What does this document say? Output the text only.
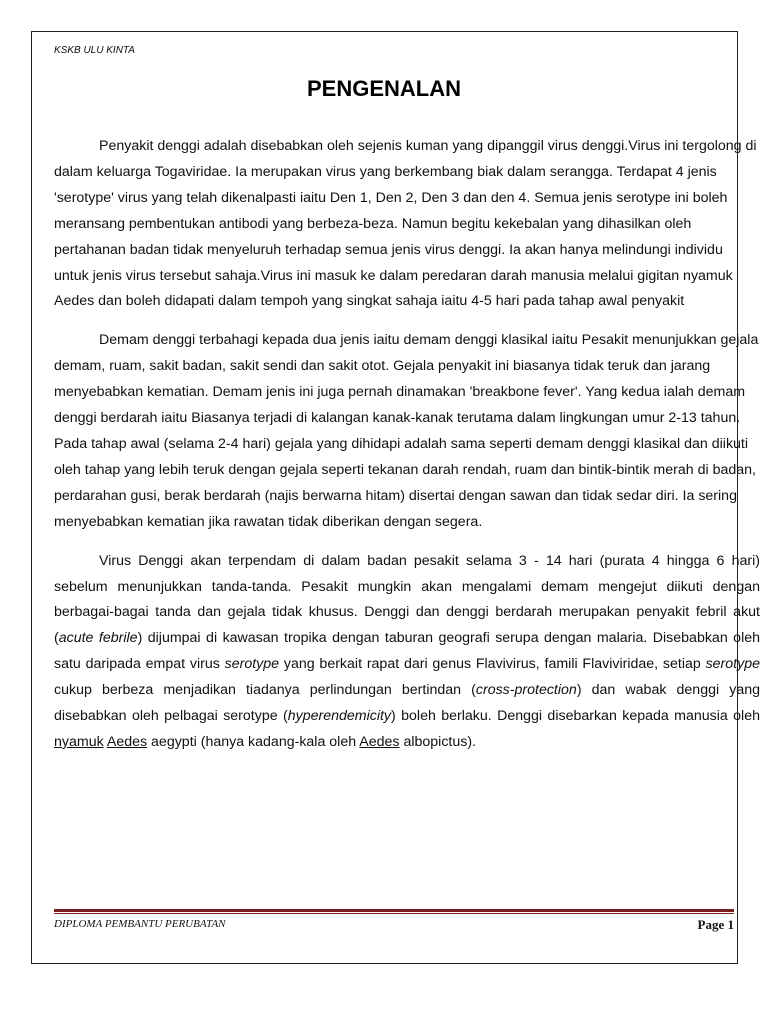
KSKB ULU KINTA
PENGENALAN

Penyakit denggi adalah disebabkan oleh sejenis kuman yang dipanggil virus denggi.Virus ini tergolong di dalam keluarga Togaviridae. Ia merupakan virus yang berkembang biak dalam serangga. Terdapat 4 jenis 'serotype' virus yang telah dikenalpasti iaitu Den 1, Den 2, Den 3 dan den 4. Semua jenis serotype ini boleh meransang pembentukan antibodi yang berbeza-beza. Namun begitu kekebalan yang dihasilkan oleh pertahanan badan tidak menyeluruh terhadap semua jenis virus denggi. Ia akan hanya melindungi individu untuk jenis virus tersebut sahaja.Virus ini masuk ke dalam peredaran darah manusia melalui gigitan nyamuk Aedes dan boleh didapati dalam tempoh yang singkat sahaja iaitu 4-5 hari pada tahap awal penyakit

Demam denggi terbahagi kepada dua jenis iaitu demam denggi klasikal iaitu Pesakit menunjukkan gejala demam, ruam, sakit badan, sakit sendi dan sakit otot. Gejala penyakit ini biasanya tidak teruk dan jarang menyebabkan kematian. Demam jenis ini juga pernah dinamakan 'breakbone fever'. Yang kedua ialah demam denggi berdarah iaitu Biasanya terjadi di kalangan kanak-kanak terutama dalam lingkungan umur 2-13 tahun. Pada tahap awal (selama 2-4 hari) gejala yang dihidapi adalah sama seperti demam denggi klasikal dan diikuti oleh tahap yang lebih teruk dengan gejala seperti tekanan darah rendah, ruam dan bintik-bintik merah di badan, perdarahan gusi, berak berdarah (najis berwarna hitam) disertai dengan sawan dan tidak sedar diri. Ia sering menyebabkan kematian jika rawatan tidak diberikan dengan segera.

Virus Denggi akan terpendam di dalam badan pesakit selama 3 - 14 hari (purata 4 hingga 6 hari) sebelum menunjukkan tanda-tanda. Pesakit mungkin akan mengalami demam mengejut diikuti dengan berbagai-bagai tanda dan gejala tidak khusus. Denggi dan denggi berdarah merupakan penyakit febril akut (acute febrile) dijumpai di kawasan tropika dengan taburan geografi serupa dengan malaria. Disebabkan oleh satu daripada empat virus serotype yang berkait rapat dari genus Flavivirus, famili Flaviviridae, setiap serotype cukup berbeza menjadikan tiadanya perlindungan bertindan (cross-protection) dan wabak denggi yang disebabkan oleh pelbagai serotype (hyperendemicity) boleh berlaku. Denggi disebarkan kepada manusia oleh nyamuk Aedes aegypti (hanya kadang-kala oleh Aedes albopictus).

DIPLOMA PEMBANTU PERUBATAN	Page 1
